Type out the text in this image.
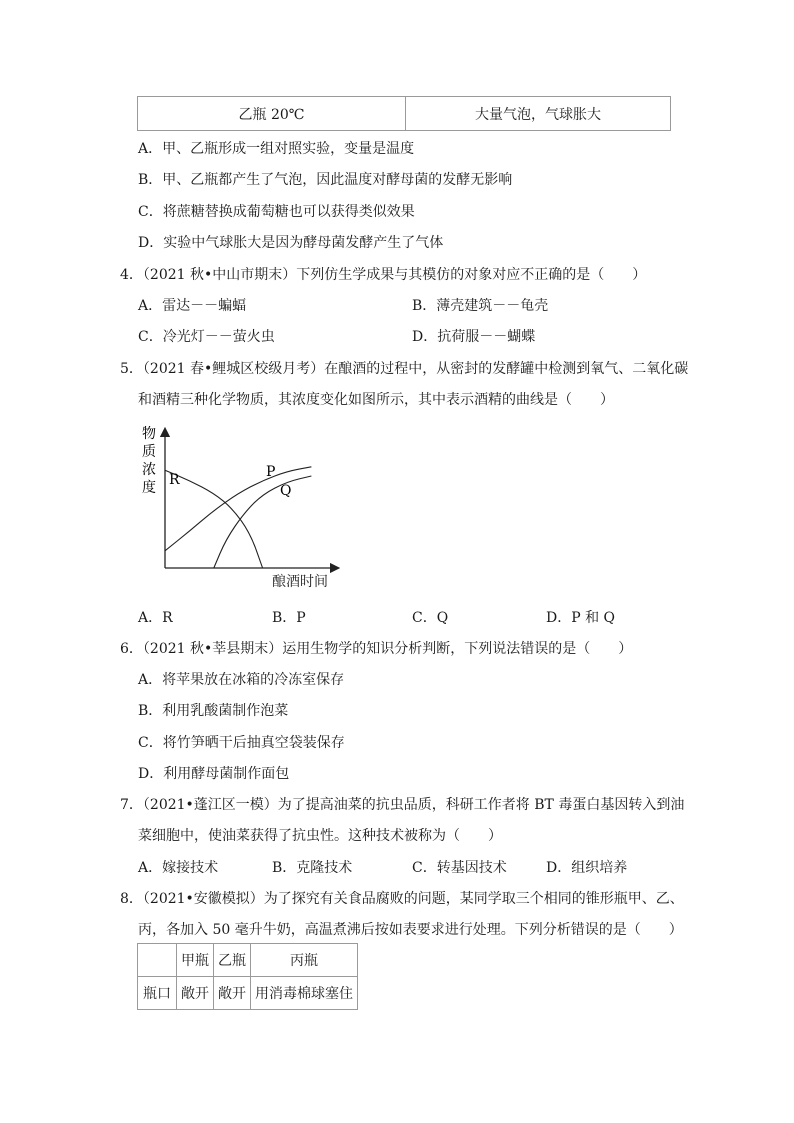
乙瓶 20℃	大量气泡，气球胀大
A．甲、乙瓶形成一组对照实验，变量是温度
B．甲、乙瓶都产生了气泡，因此温度对酵母菌的发酵无影响
C．将蔗糖替换成葡萄糖也可以获得类似效果
D．实验中气球胀大是因为酵母菌发酵产生了气体
4．（2021 秋•中山市期末）下列仿生学成果与其模仿的对象对应不正确的是（　　）
A．雷达－－蝙蝠	B．薄壳建筑－－龟壳
C．冷光灯－－萤火虫	D．抗荷服－－蝴蝶
5．（2021 春•鲤城区校级月考）在酿酒的过程中，从密封的发酵罐中检测到氧气、二氧化碳
和酒精三种化学物质，其浓度变化如图所示，其中表示酒精的曲线是（　　）
物
质
浓
度 R	P
Q
酿酒时间
A．R	B．P	C．Q	D．P 和 Q
6．（2021 秋•莘县期末）运用生物学的知识分析判断，下列说法错误的是（　　）
A．将苹果放在冰箱的冷冻室保存
B．利用乳酸菌制作泡菜
C．将竹笋晒干后抽真空袋装保存
D．利用酵母菌制作面包
7．（2021•蓬江区一模）为了提高油菜的抗虫品质，科研工作者将 BT 毒蛋白基因转入到油
菜细胞中，使油菜获得了抗虫性。这种技术被称为（　　）
A．嫁接技术	B．克隆技术	C．转基因技术	D．组织培养
8．（2021•安徽模拟）为了探究有关食品腐败的问题，某同学取三个相同的锥形瓶甲、乙、
丙，各加入 50 毫升牛奶，高温煮沸后按如表要求进行处理。下列分析错误的是（　　）
	甲瓶	乙瓶	丙瓶
瓶口	敞开	敞开	用消毒棉球塞住
